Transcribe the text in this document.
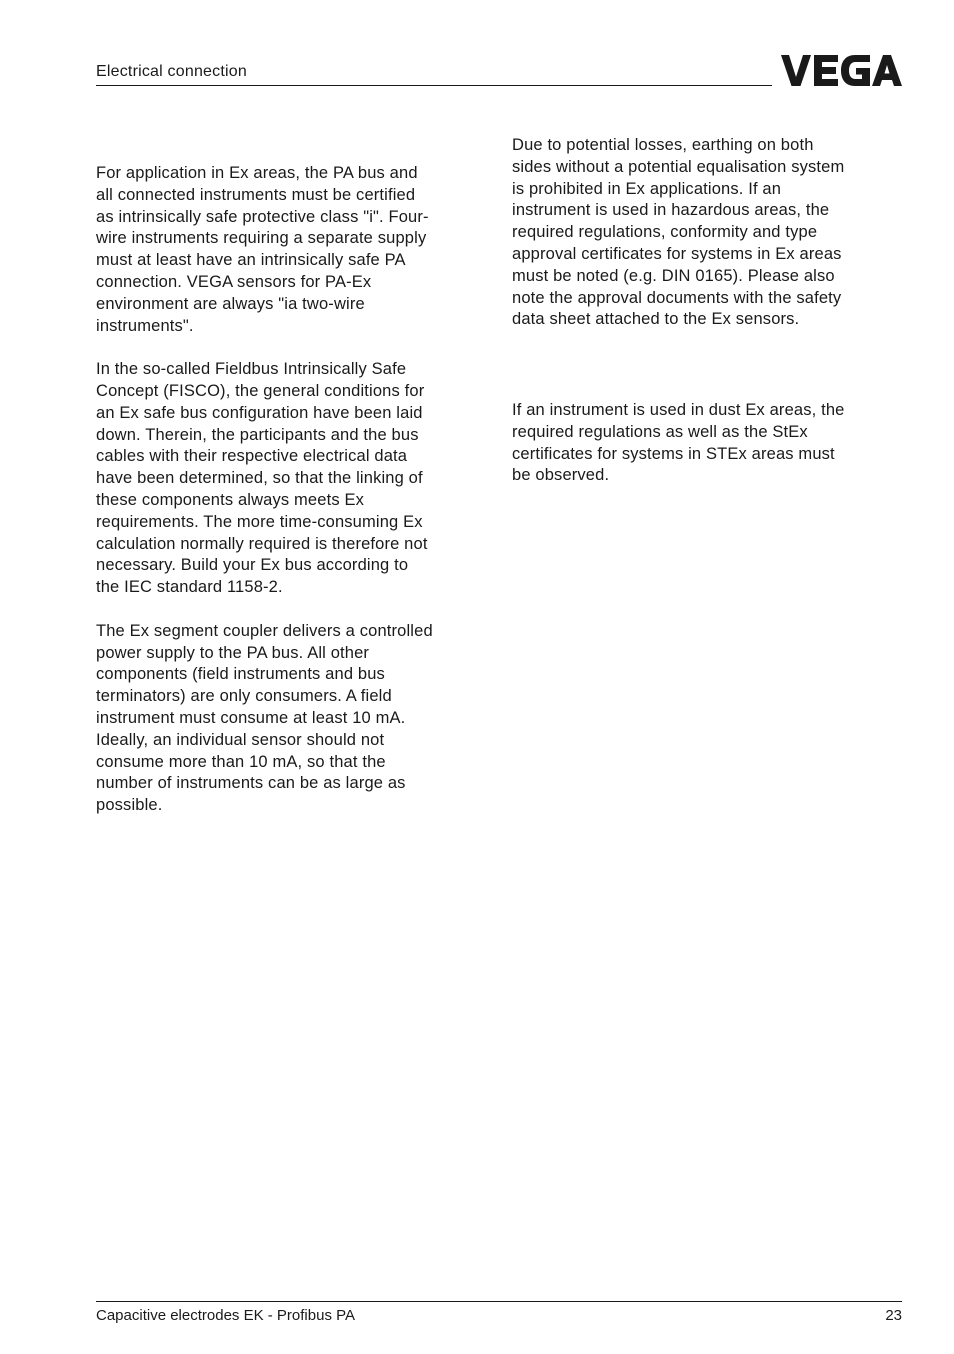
Electrical connection

For application in Ex areas, the PA bus and
all connected instruments must be certified
as intrinsically safe protective class "i". Four-
wire instruments requiring a separate supply
must at least have an intrinsically safe PA
connection. VEGA sensors for PA-Ex
environment are always "ia two-wire
instruments".

In the so-called Fieldbus Intrinsically Safe
Concept (FISCO), the general conditions for
an Ex safe bus configuration have been laid
down. Therein, the participants and the bus
cables with their respective electrical data
have been determined, so that the linking of
these components always meets Ex
requirements. The more time-consuming Ex
calculation normally required is therefore not
necessary. Build your Ex bus according to
the IEC standard 1158-2.

The Ex segment coupler delivers a controlled
power supply to the PA bus. All other
components (field instruments and bus
terminators) are only consumers. A field
instrument must consume at least 10 mA.
Ideally, an individual sensor should not
consume more than 10 mA, so that the
number of instruments can be as large as
possible.

Due to potential losses, earthing on both
sides without a potential equalisation system
is prohibited in Ex applications. If an
instrument is used in hazardous areas, the
required regulations, conformity and type
approval certificates for systems in Ex areas
must be noted (e.g. DIN 0165). Please also
note the approval documents with the safety
data sheet attached to the Ex sensors.

If an instrument is used in dust Ex areas, the
required regulations as well as the StEx
certificates for systems in STEx areas must
be observed.

Capacitive electrodes EK - Profibus PA	23
